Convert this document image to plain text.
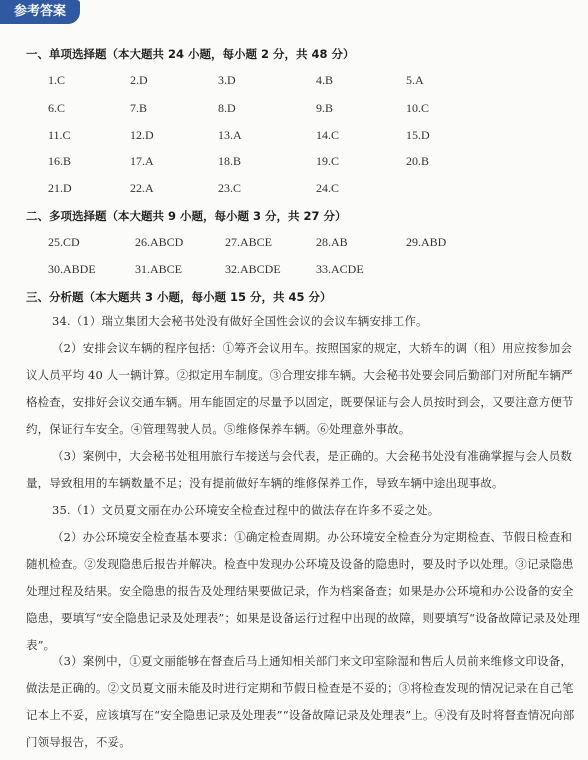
参考答案
一、单项选择题（本大题共 24 小题，每小题 2 分，共 48 分）
1.C	2.D	3.D	4.B	5.A
6.C	7.B	8.D	9.B	10.C
11.C	12.D	13.A	14.C	15.D
16.B	17.A	18.B	19.C	20.B
21.D	22.A	23.C	24.C
二、多项选择题（本大题共 9 小题，每小题 3 分，共 27 分）
25.CD	26.ABCD	27.ABCE	28.AB	29.ABD
30.ABDE	31.ABCE	32.ABCDE	33.ACDE
三、分析题（本大题共 3 小题，每小题 15 分，共 45 分）
34.（1）瑞立集团大会秘书处没有做好全国性会议的会议车辆安排工作。
（2）安排会议车辆的程序包括：①筹齐会议用车。按照国家的规定，大轿车的调（租）用应按参加会议人员平均 40 人一辆计算。②拟定用车制度。③合理安排车辆。大会秘书处要会同后勤部门对所配车辆严格检查，安排好会议交通车辆。用车能固定的尽量予以固定，既要保证与会人员按时到会，又要注意方便节约，保证行车安全。④管理驾驶人员。⑤维修保养车辆。⑥处理意外事故。
（3）案例中，大会秘书处租用旅行车接送与会代表，是正确的。大会秘书处没有准确掌握与会人员数量，导致租用的车辆数量不足；没有提前做好车辆的维修保养工作，导致车辆中途出现事故。
35.（1）文员夏文丽在办公环境安全检查过程中的做法存在许多不妥之处。
（2）办公环境安全检查基本要求：①确定检查周期。办公环境安全检查分为定期检查、节假日检查和随机检查。②发现隐患后报告并解决。检查中发现办公环境及设备的隐患时，要及时予以处理。③记录隐患处理过程及结果。安全隐患的报告及处理结果要做记录，作为档案备查；如果是办公环境和办公设备的安全隐患，要填写“安全隐患记录及处理表”；如果是设备运行过程中出现的故障，则要填写“设备故障记录及处理表”。
（3）案例中，①夏文丽能够在督查后马上通知相关部门来文印室除湿和售后人员前来维修文印设备，做法是正确的。②文员夏文丽未能及时进行定期和节假日检查是不妥的；③将检查发现的情况记录在自己笔记本上不妥，应该填写在“安全隐患记录及处理表”“设备故障记录及处理表”上。④没有及时将督查情况向部门领导报告，不妥。
